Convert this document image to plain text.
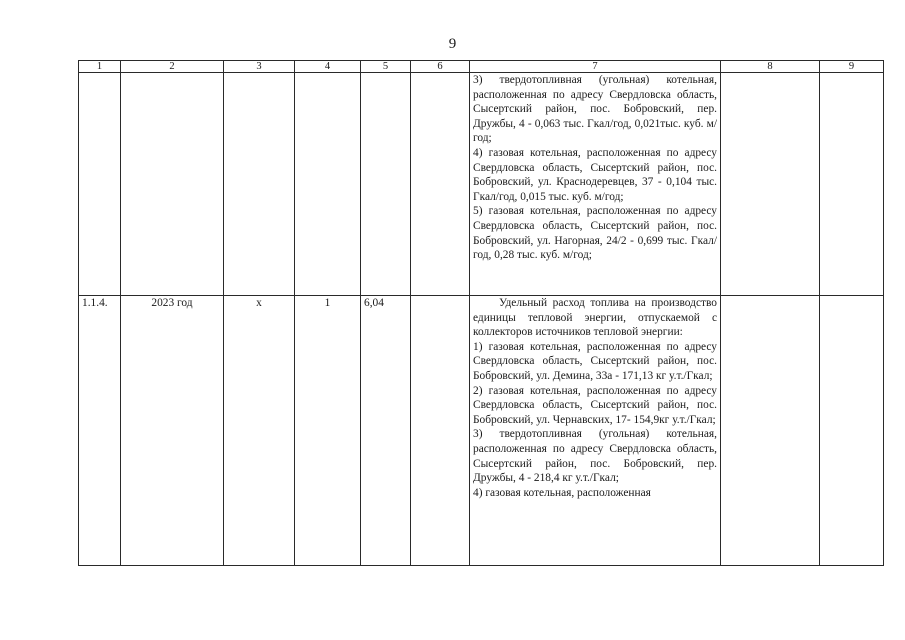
9
1	2	3	4	5	6	7	8	9

						3) твердотопливная (угольная) котельная, расположенная по адресу Свердловска область, Сысертский район, пос. Бобровский, пер. Дружбы, 4 - 0,063 тыс. Гкал/год, 0,021тыс. куб. м/год;

4) газовая котельная, расположенная по адресу Свердловска область, Сысертский район, пос. Бобровский, ул. Краснодеревцев, 37 - 0,104 тыс. Гкал/год, 0,015 тыс. куб. м/год;

5) газовая котельная, расположенная по адресу Свердловска область, Сысертский район, пос. Бобровский, ул. Нагорная, 24/2 - 0,699 тыс. Гкал/год, 0,28 тыс. куб. м/год;		

1.1.4.	2023 год	х	1	6,04		Удельный расход топлива на производство единицы тепловой энергии, отпускаемой с коллекторов источников тепловой энергии:

1) газовая котельная, расположенная по адресу Свердловска область, Сысертский район, пос. Бобровский, ул. Демина, 33а - 171,13 кг у.т./Гкал;

2) газовая котельная, расположенная по адресу Свердловска область, Сысертский район, пос. Бобровский, ул. Чернавских, 17- 154,9кг у.т./Гкал;

3) твердотопливная (угольная) котельная, расположенная по адресу Свердловска область, Сысертский район, пос. Бобровский, пер. Дружбы, 4 - 218,4 кг у.т./Гкал;

4) газовая котельная, расположенная		
